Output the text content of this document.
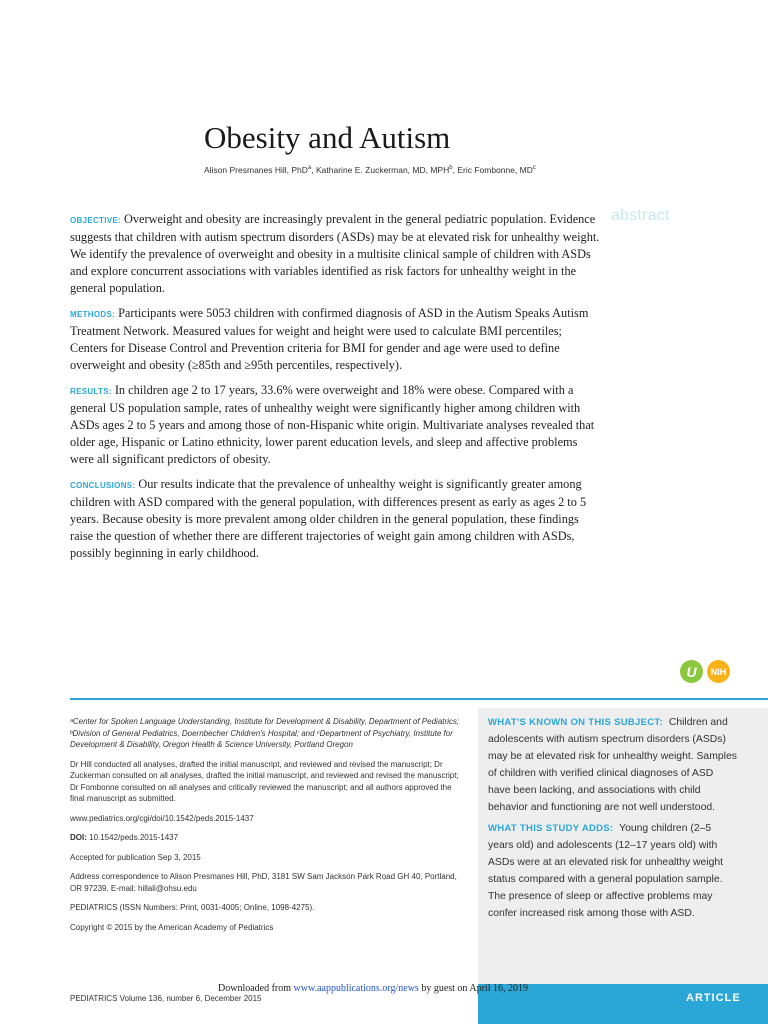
Obesity and Autism
Alison Presmanes Hill, PhD$^a$, Katharine E. Zuckerman, MD, MPH$^b$, Eric Fombonne, $MD^c$
abstract

OBJECTIVE: Overweight and obesity are increasingly prevalent in the general pediatric population. Evidence suggests that children with autism spectrum disorders (ASDs) may be at elevated risk for unhealthy weight. We identify the prevalence of overweight and obesity in a multisite clinical sample of children with ASDs and explore concurrent associations with variables identified as risk factors for unhealthy weight in the general population.

METHODS: Participants were 5053 children with confirmed diagnosis of ASD in the Autism Speaks Autism Treatment Network. Measured values for weight and height were used to calculate BMI percentiles; Centers for Disease Control and Prevention criteria for BMI for gender and age were used to define overweight and obesity (≥85th and ≥95th percentiles, respectively).

RESULTS: In children age 2 to 17 years, 33.6% were overweight and 18% were obese. Compared with a general US population sample, rates of unhealthy weight were significantly higher among children with ASDs ages 2 to 5 years and among those of non-Hispanic white origin. Multivariate analyses revealed that older age, Hispanic or Latino ethnicity, lower parent education levels, and sleep and affective problems were all significant predictors of obesity.

CONCLUSIONS: Our results indicate that the prevalence of unhealthy weight is significantly greater among children with ASD compared with the general population, with differences present as early as ages 2 to 5 years. Because obesity is more prevalent among older children in the general population, these findings raise the question of whether there are different trajectories of weight gain among children with ASDs, possibly beginning in early childhood.

U	NIH

WHAT'S KNOWN ON THIS SUBJECT: Children and adolescents with autism spectrum disorders (ASDs) may be at elevated risk for unhealthy weight. Samples of children with verified clinical diagnoses of ASD have been lacking, and associations with child behavior and functioning are not well understood.

WHAT THIS STUDY ADDS: Young children (2–5 years old) and adolescents (12–17 years old) with ASDs were at an elevated risk for unhealthy weight status compared with a general population sample. The presence of sleep or affective problems may confer increased risk among those with ASD.

ᵃCenter for Spoken Language Understanding, Institute for Development & Disability, Department of Pediatrics; ᵇDivision of General Pediatrics, Doernbecher Children's Hospital; and ᶜDepartment of Psychiatry, Institute for Development & Disability, Oregon Health & Science University, Portland Oregon

Dr Hill conducted all analyses, drafted the initial manuscript, and reviewed and revised the manuscript; Dr Zuckerman consulted on all analyses, drafted the initial manuscript, and reviewed and revised the manuscript; Dr Fombonne consulted on all analyses and critically reviewed the manuscript; and all authors approved the final manuscript as submitted.

www.pediatrics.org/cgi/doi/10.1542/peds.2015-1437

DOI: 10.1542/peds.2015-1437

Accepted for publication Sep 3, 2015

Address correspondence to Alison Presmanes Hill, PhD, 3181 SW Sam Jackson Park Road GH 40, Portland, OR 97239. E-mail: hillali@ohsu.edu

PEDIATRICS (ISSN Numbers: Print, 0031-4005; Online, 1098-4275).

Copyright © 2015 by the American Academy of Pediatrics

ARTICLE
Downloaded from www.aappublications.org/news by guest on April 16, 2019
PEDIATRICS Volume 136, number 6, December 2015
